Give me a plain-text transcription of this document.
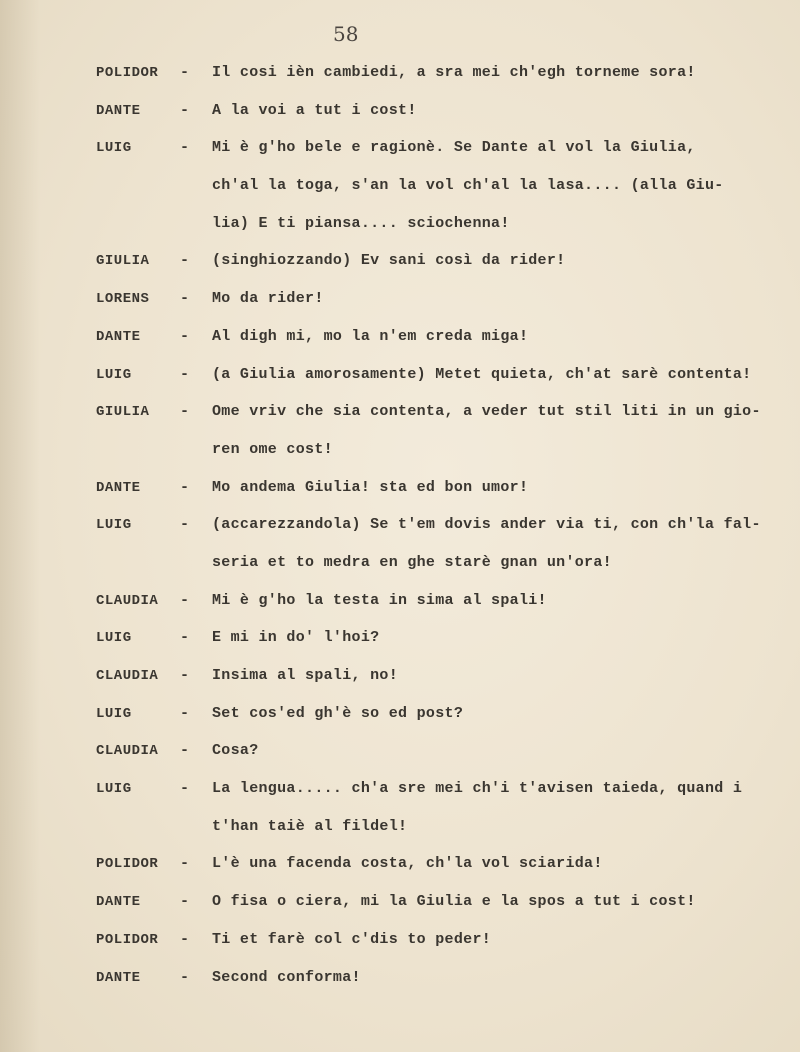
58
POLIDOR - Il cosi ièn cambiedi, a sra mei ch'egh torneme sora!
DANTE	- A la voi a tut i cost!
LUIG	- Mi è g'ho bele e ragionè. Se Dante al vol la Giulia,
ch'al la toga, s'an la vol ch'al la lasa.... (alla Giu-
lia) E ti piansa.... sciochenna!
GIULIA - (singhiozzando) Ev sani così da rider!
LORENS - Mo da rider!
DANTE	- Al digh mi, mo la n'em creda miga!
LUIG	- (a Giulia amorosamente) Metet quieta, ch'at sarè contenta!
GIULIA - Ome vriv che sia contenta, a veder tut stil liti in un gio-
ren ome cost!
DANTE	- Mo andema Giulia! sta ed bon umor!
LUIG	- (accarezzandola) Se t'em dovis ander via ti, con ch'la fal-
seria et to medra en ghe starè gnan un'ora!
CLAUDIA - Mi è g'ho la testa in sima al spali!
LUIG	- E mi in do' l'hoi?
CLAUDIA - Insima al spali, no!
LUIG	- Set cos'ed gh'è so ed post?
CLAUDIA - Cosa?
LUIG	- La lengua..... ch'a sre mei ch'i t'avisen taieda, quand i
t'han taiè al fildel!
POLIDOR - L'è una facenda costa, ch'la vol sciarida!
DANTE	- O fisa o ciera, mi la Giulia e la spos a tut i cost!
POLIDOR - Ti et farè col c'dis to peder!
DANTE	- Second conforma!
